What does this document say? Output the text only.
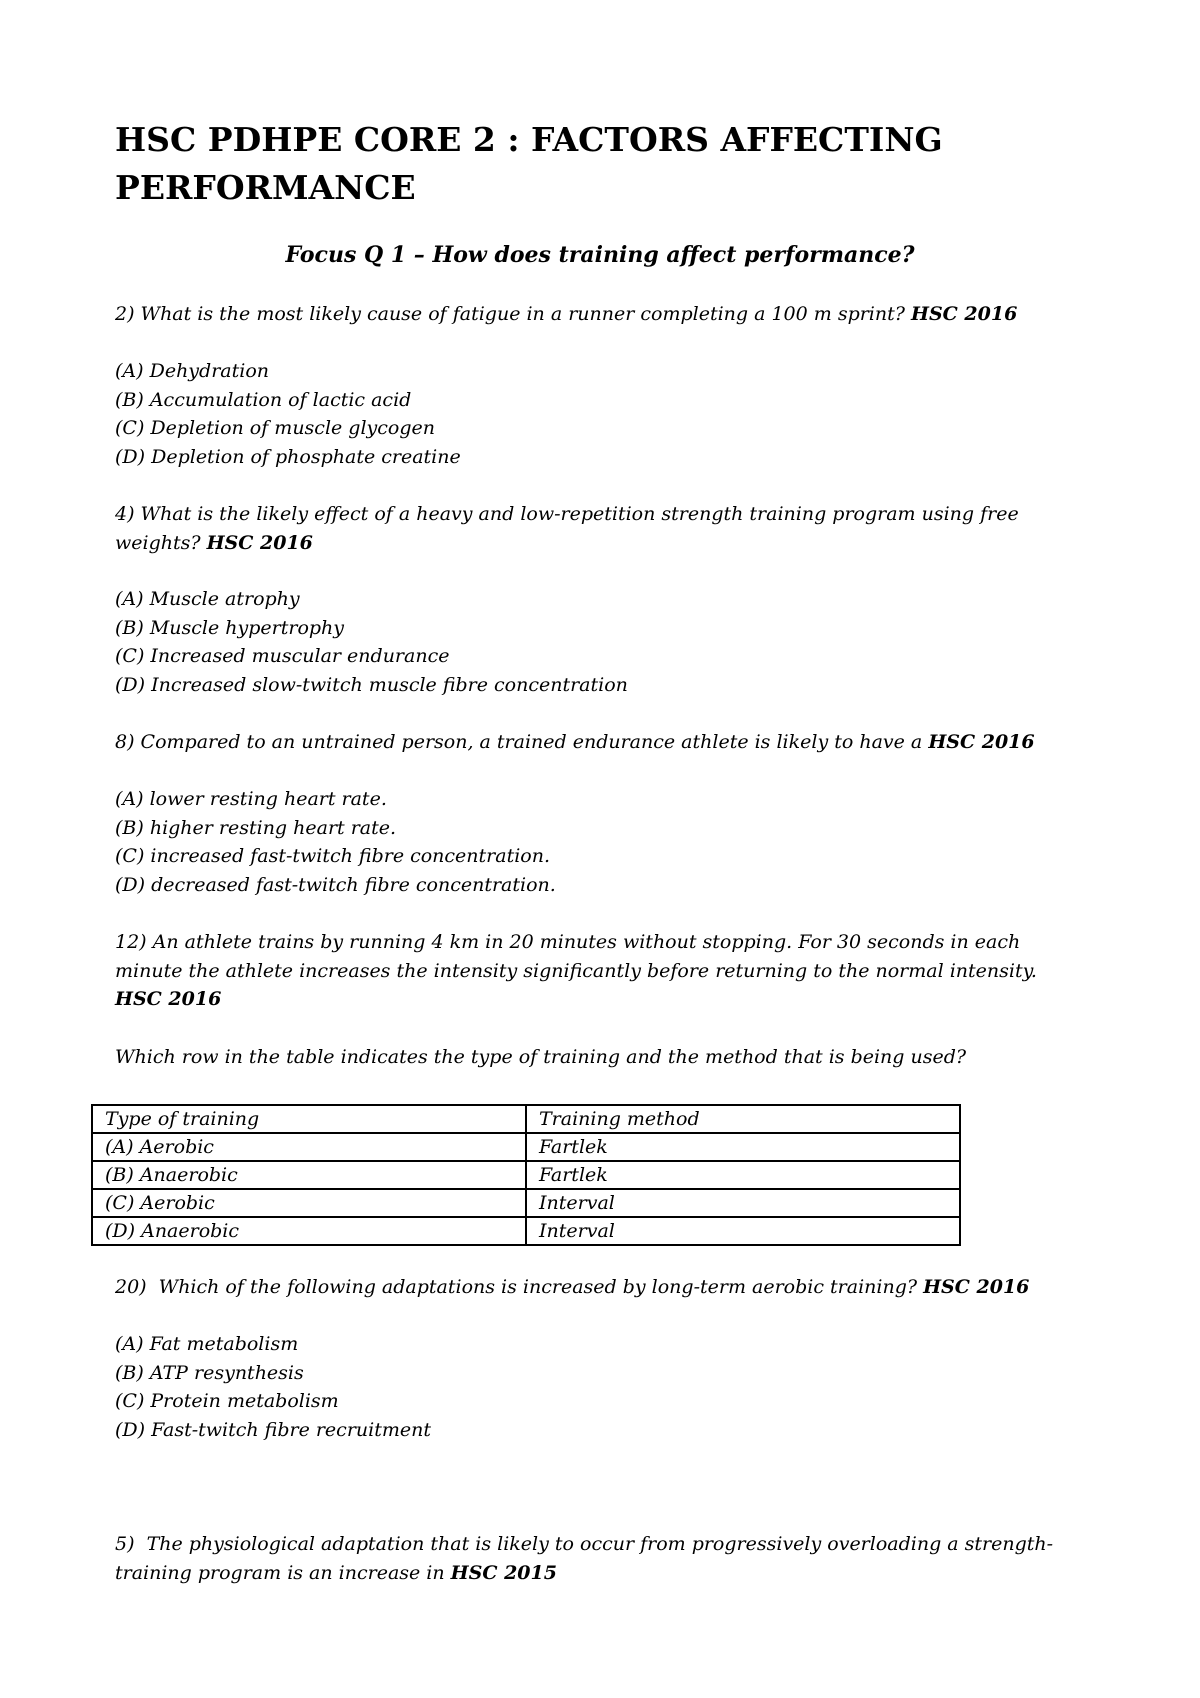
HSC PDHPE CORE 2 : FACTORS AFFECTING PERFORMANCE
Focus Q 1 – How does training affect performance?
2) What is the most likely cause of fatigue in a runner completing a 100 m sprint? HSC 2016
(A) Dehydration
(B) Accumulation of lactic acid
(C) Depletion of muscle glycogen
(D) Depletion of phosphate creatine
4) What is the likely effect of a heavy and low-repetition strength training program using free weights? HSC 2016
(A) Muscle atrophy
(B) Muscle hypertrophy
(C) Increased muscular endurance
(D) Increased slow-twitch muscle fibre concentration
8) Compared to an untrained person, a trained endurance athlete is likely to have a HSC 2016
(A) lower resting heart rate.
(B) higher resting heart rate.
(C) increased fast-twitch fibre concentration.
(D) decreased fast-twitch fibre concentration.
12) An athlete trains by running 4 km in 20 minutes without stopping. For 30 seconds in each minute the athlete increases the intensity significantly before returning to the normal intensity. HSC 2016
Which row in the table indicates the type of training and the method that is being used?
Type of training	Training method
(A) Aerobic	Fartlek
(B) Anaerobic	Fartlek
(C) Aerobic	Interval
(D) Anaerobic	Interval
20)  Which of the following adaptations is increased by long-term aerobic training? HSC 2016
(A) Fat metabolism
(B) ATP resynthesis
(C) Protein metabolism
(D) Fast-twitch fibre recruitment
5)  The physiological adaptation that is likely to occur from progressively overloading a strength-training program is an increase in HSC 2015
